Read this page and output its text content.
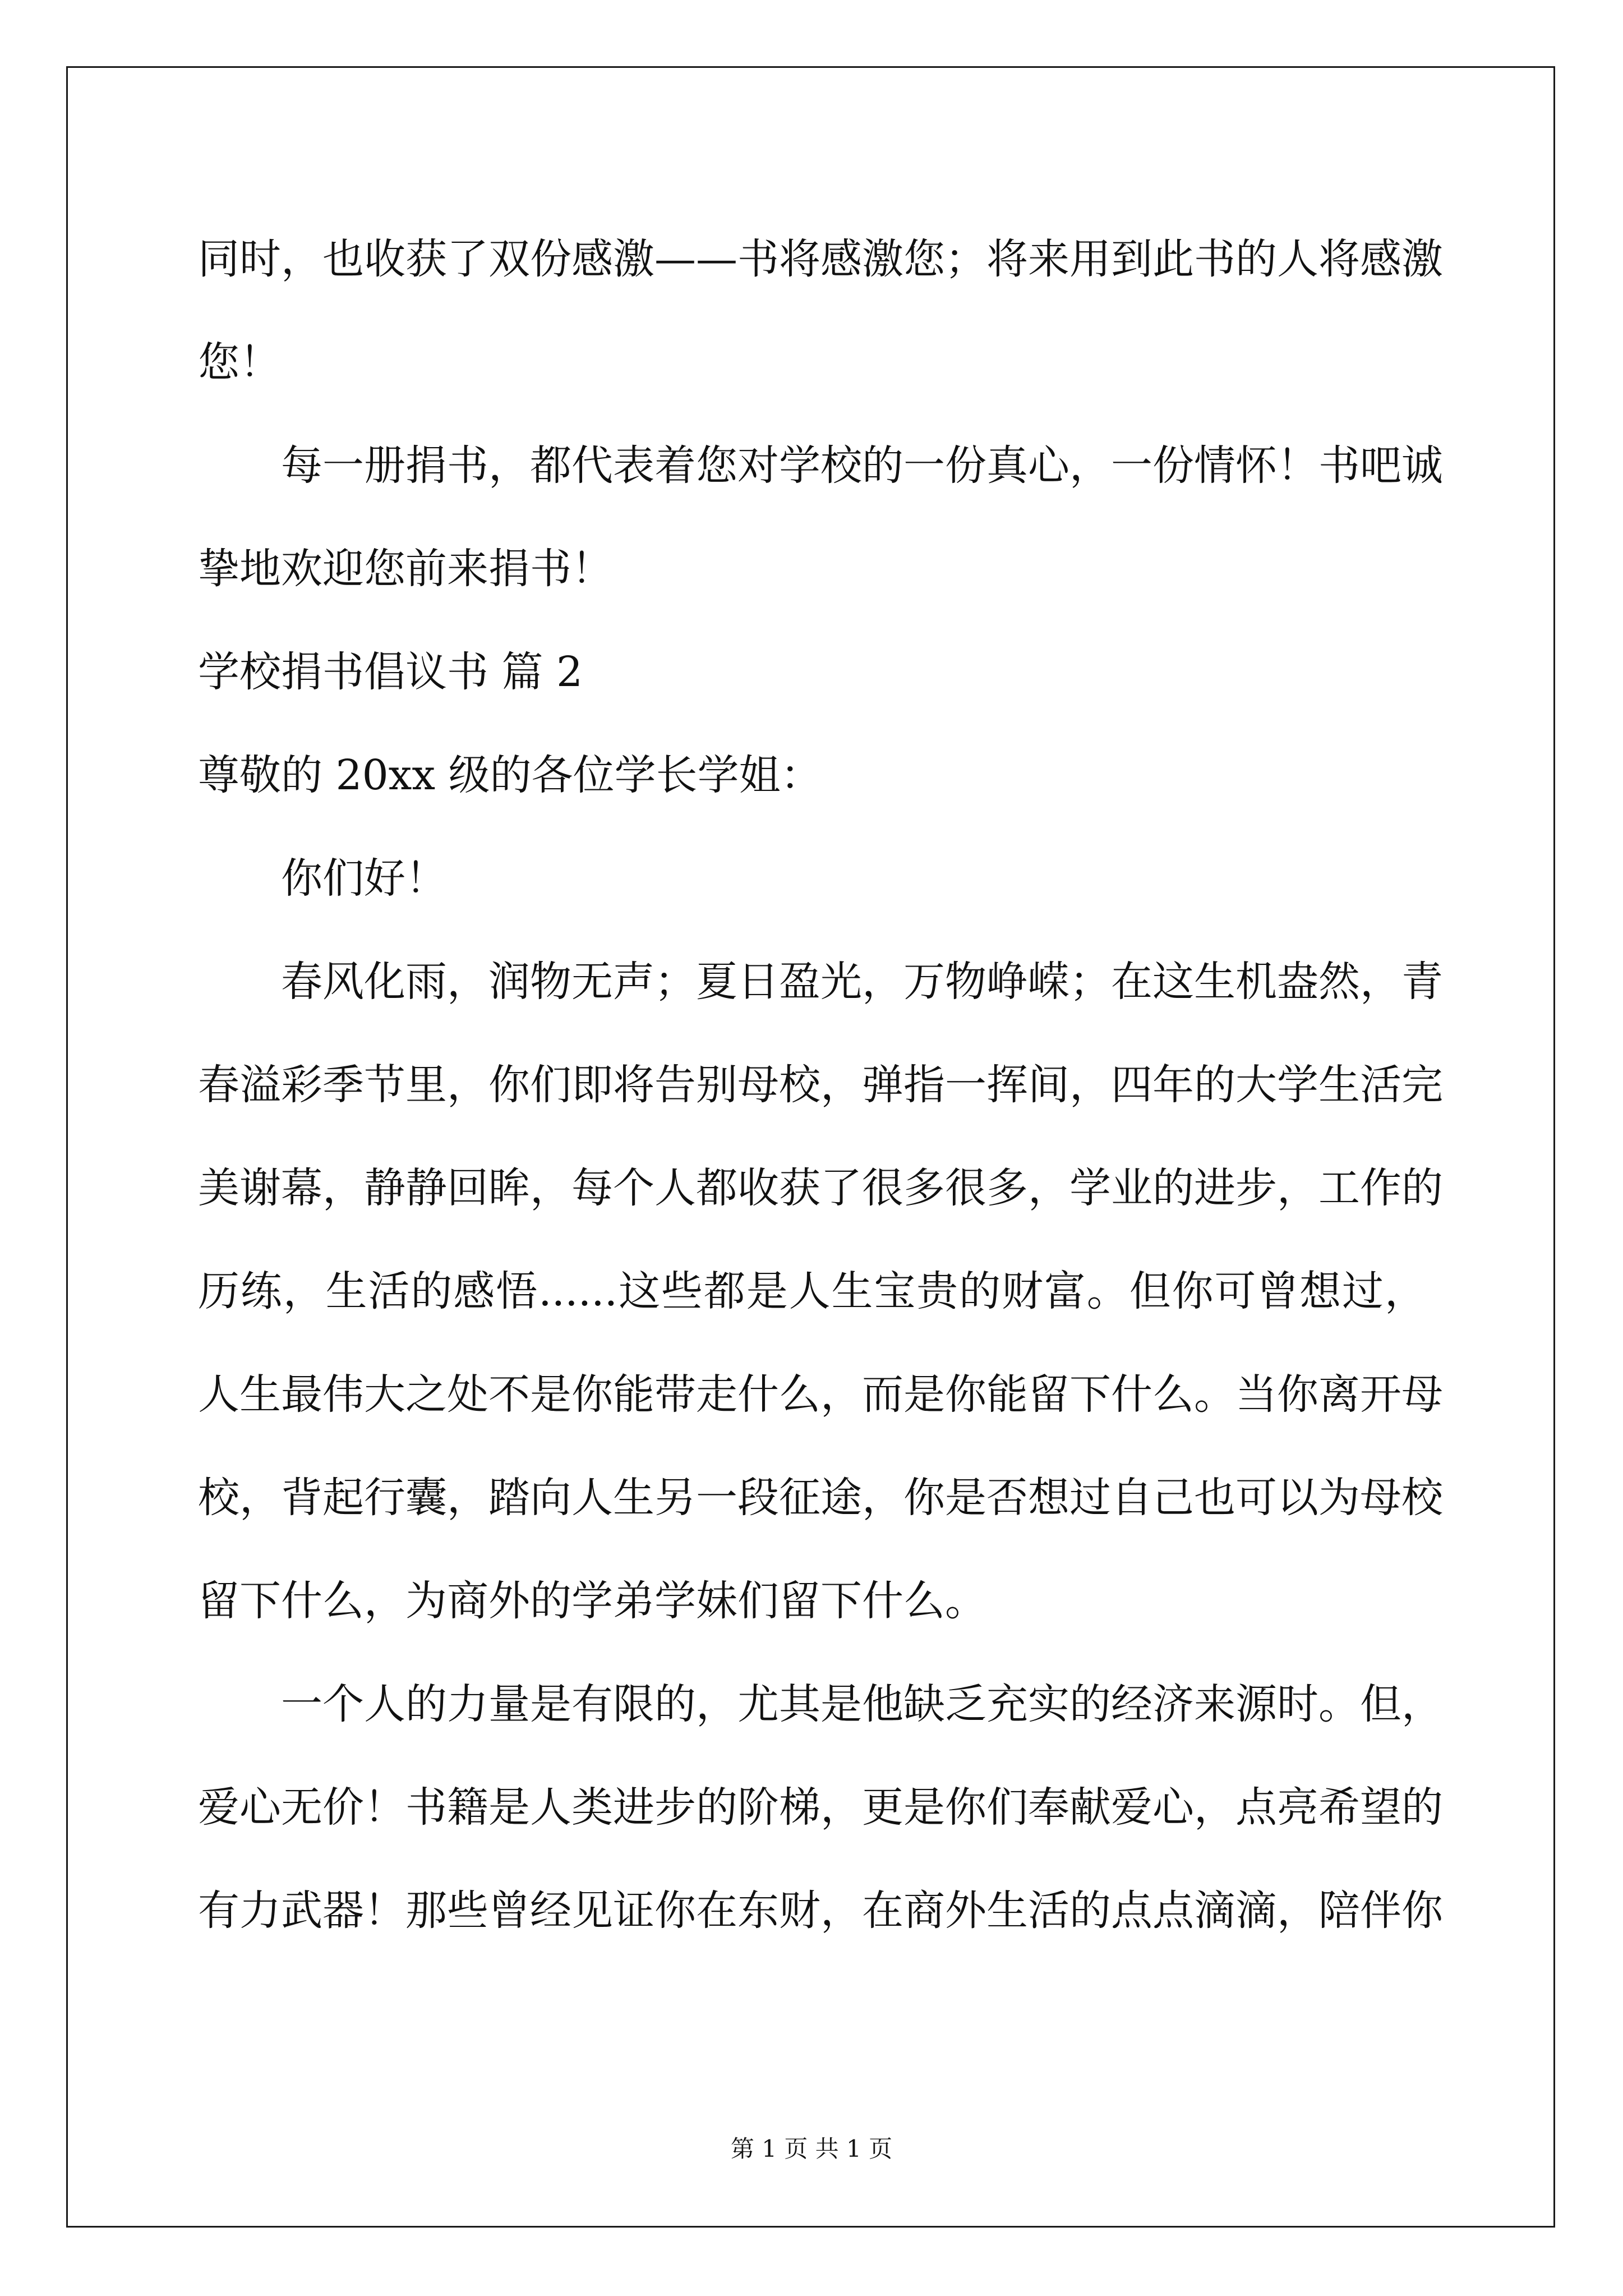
同时，也收获了双份感激——书将感激您；将来用到此书的人将感激
您！
每一册捐书，都代表着您对学校的一份真心，一份情怀！书吧诚
挚地欢迎您前来捐书！
学校捐书倡议书 篇 2
尊敬的 20xx 级的各位学长学姐：
你们好！
春风化雨，润物无声；夏日盈光，万物峥嵘；在这生机盎然，青
春溢彩季节里，你们即将告别母校，弹指一挥间，四年的大学生活完
美谢幕，静静回眸，每个人都收获了很多很多，学业的进步，工作的
历练，生活的感悟......这些都是人生宝贵的财富。但你可曾想过，
人生最伟大之处不是你能带走什么，而是你能留下什么。当你离开母
校，背起行囊，踏向人生另一段征途，你是否想过自己也可以为母校
留下什么，为商外的学弟学妹们留下什么。
一个人的力量是有限的，尤其是他缺乏充实的经济来源时。但，
爱心无价！书籍是人类进步的阶梯，更是你们奉献爱心，点亮希望的
有力武器！那些曾经见证你在东财，在商外生活的点点滴滴，陪伴你
第 1 页 共 1 页
